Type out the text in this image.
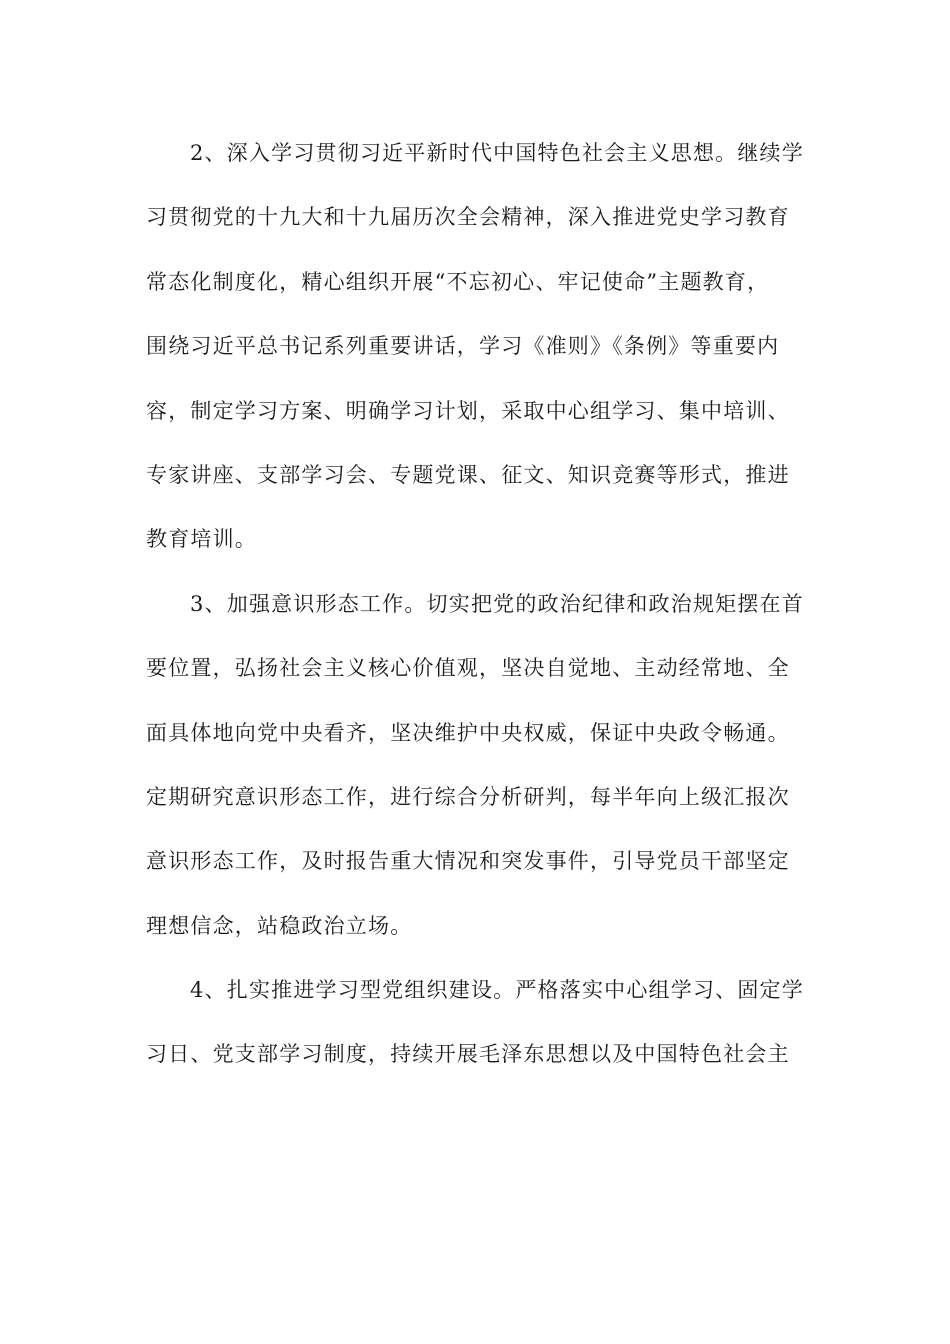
2、深入学习贯彻习近平新时代中国特色社会主义思想。继续学
习贯彻党的十九大和十九届历次全会精神，深入推进党史学习教育
常态化制度化，精心组织开展“不忘初心、牢记使命”主题教育，
围绕习近平总书记系列重要讲话，学习《准则》《条例》等重要内
容，制定学习方案、明确学习计划，采取中心组学习、集中培训、
专家讲座、支部学习会、专题党课、征文、知识竞赛等形式，推进
教育培训。
3、加强意识形态工作。切实把党的政治纪律和政治规矩摆在首
要位置，弘扬社会主义核心价值观，坚决自觉地、主动经常地、全
面具体地向党中央看齐，坚决维护中央权威，保证中央政令畅通。
定期研究意识形态工作，进行综合分析研判，每半年向上级汇报次
意识形态工作，及时报告重大情况和突发事件，引导党员干部坚定
理想信念，站稳政治立场。
4、扎实推进学习型党组织建设。严格落实中心组学习、固定学
习日、党支部学习制度，持续开展毛泽东思想以及中国特色社会主
